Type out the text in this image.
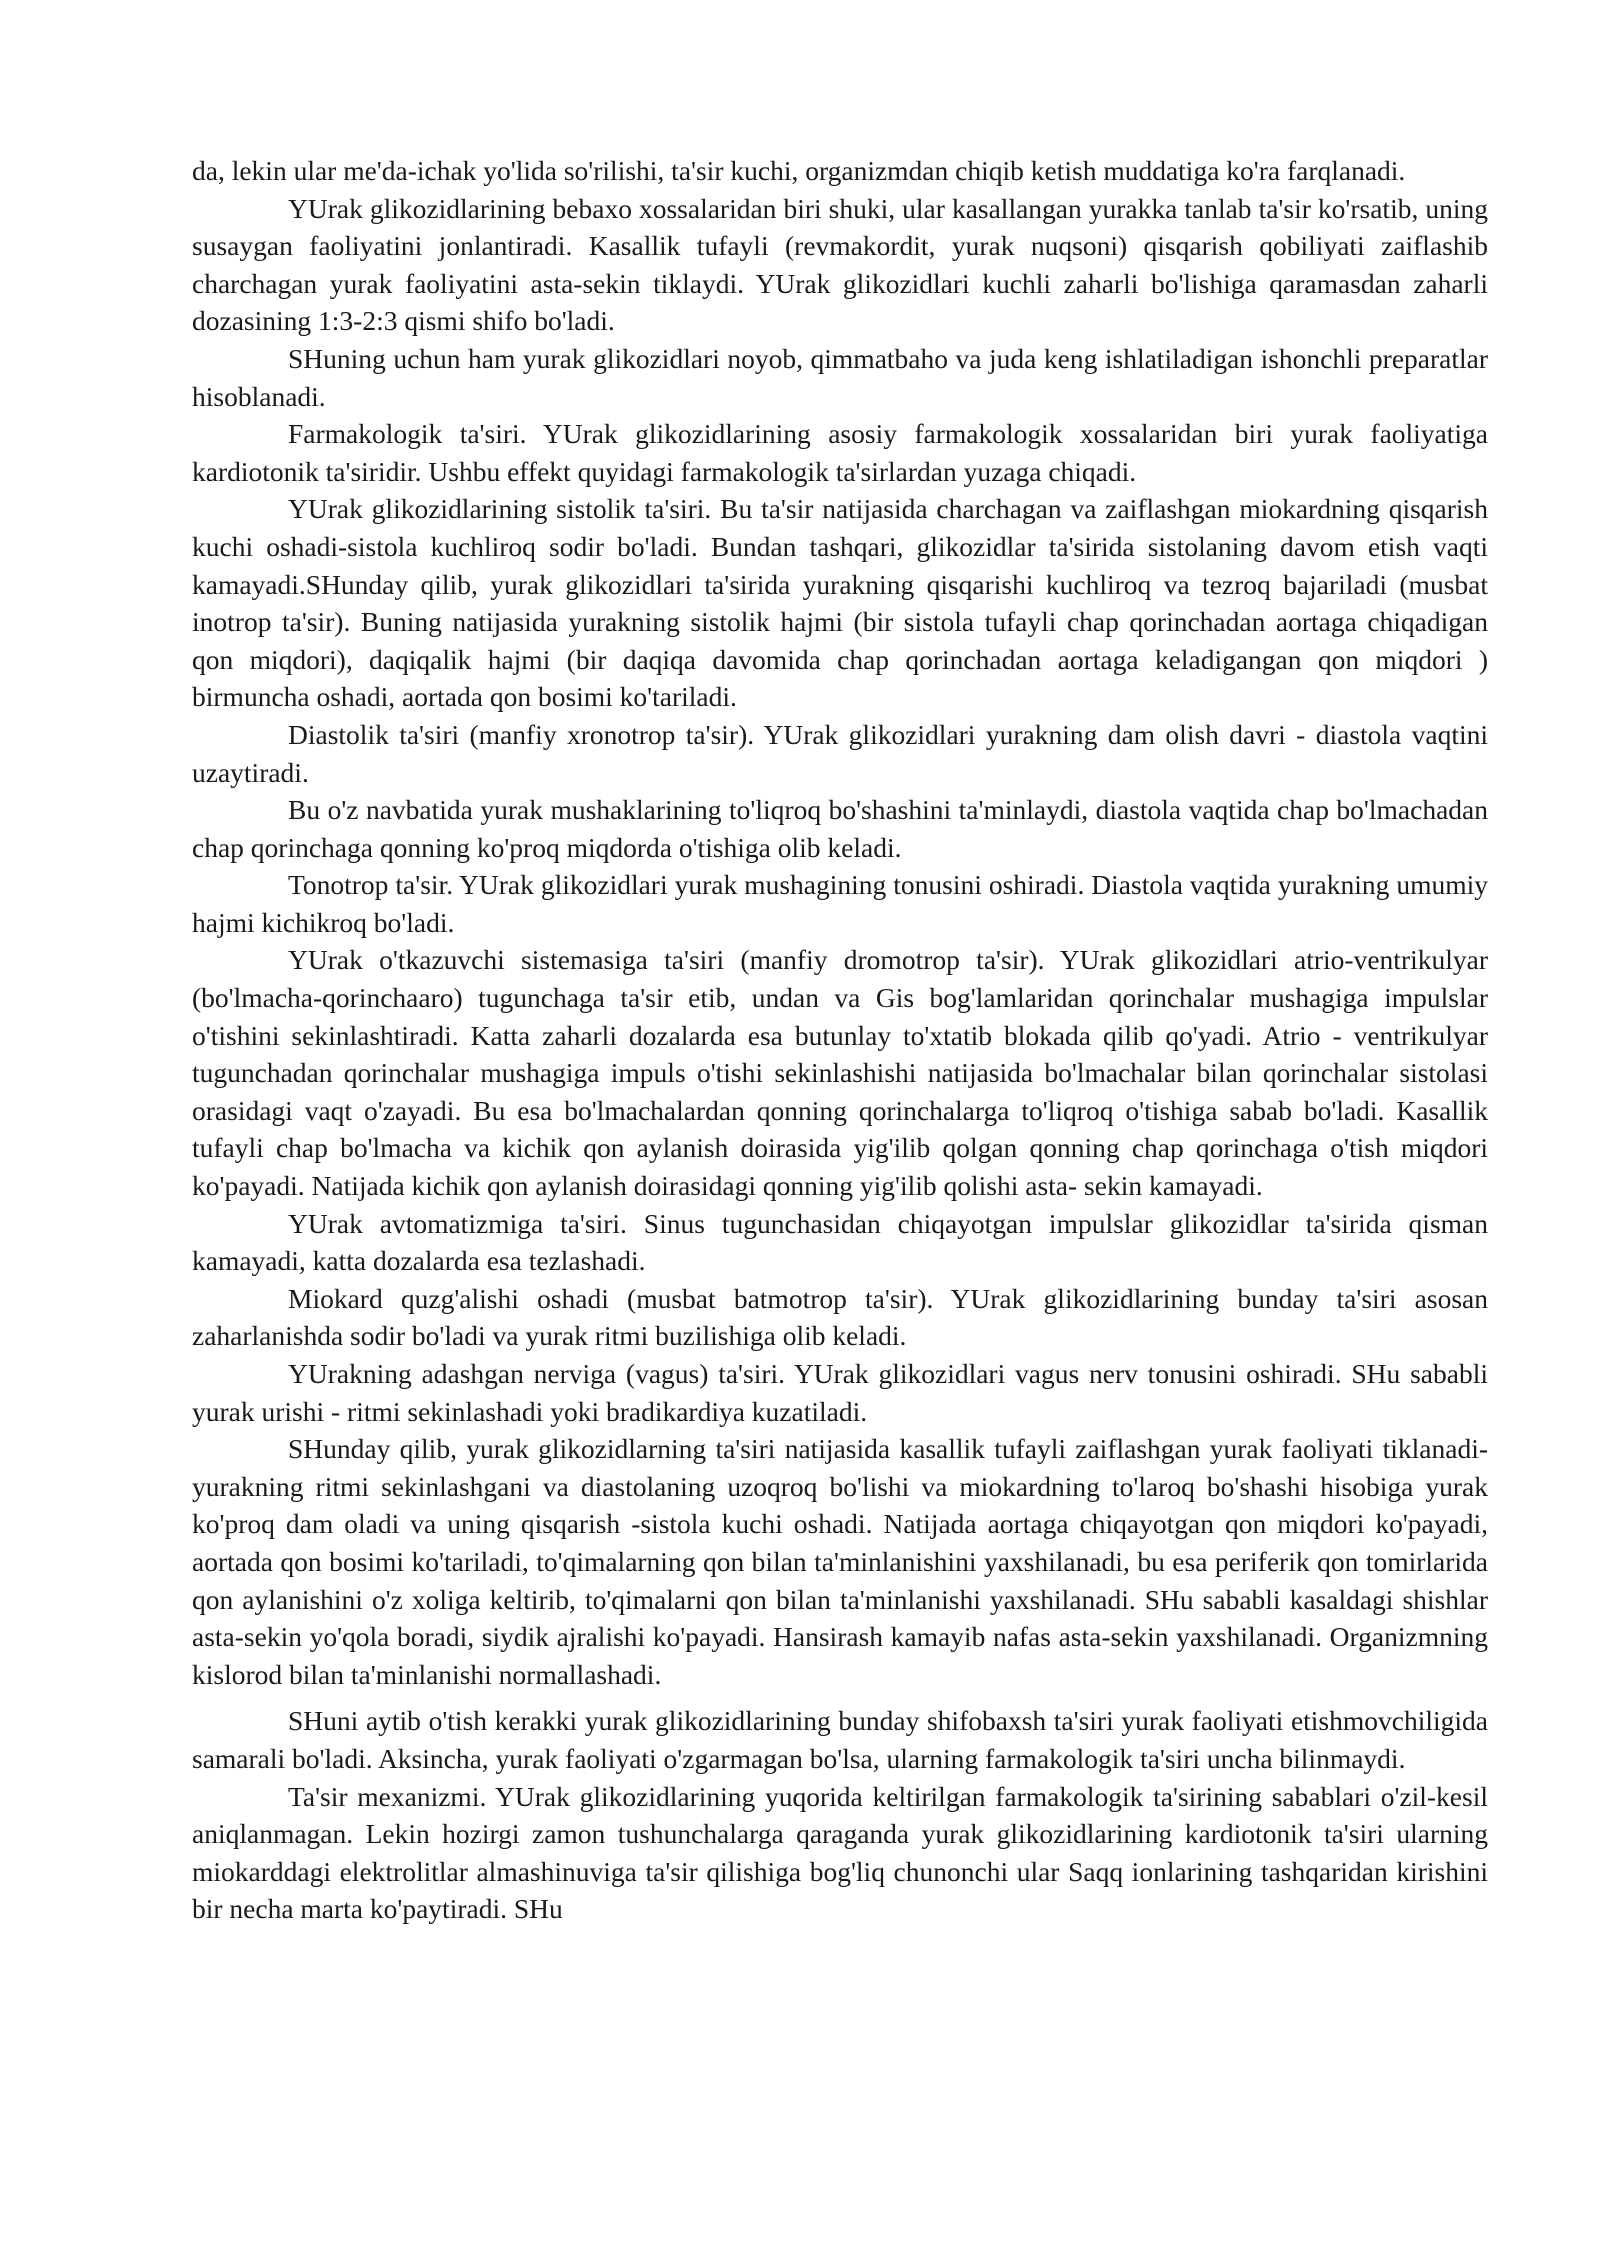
da, lekin ular me'da-ichak yo'lida so'rilishi, ta'sir kuchi, organizmdan chiqib ketish muddatiga ko'ra farqlanadi.

YUrak glikozidlarining bebaxo xossalaridan biri shuki, ular kasallangan yurakka tanlab ta'sir ko'rsatib, uning susaygan faoliyatini jonlantiradi. Kasallik tufayli (revmakordit, yurak nuqsoni) qisqarish qobiliyati zaiflashib charchagan yurak faoliyatini asta-sekin tiklaydi. YUrak glikozidlari kuchli zaharli bo'lishiga qaramasdan zaharli dozasining 1:3-2:3 qismi shifo bo'ladi.

SHuning uchun ham yurak glikozidlari noyob, qimmatbaho va juda keng ishlatiladigan ishonchli preparatlar hisoblanadi.

Farmakologik ta'siri. YUrak glikozidlarining asosiy farmakologik xossalaridan biri yurak faoliyatiga kardiotonik ta'siridir. Ushbu effekt quyidagi farmakologik ta'sirlardan yuzaga chiqadi.

YUrak glikozidlarining sistolik ta'siri. Bu ta'sir natijasida charchagan va zaiflashgan miokardning qisqarish kuchi oshadi-sistola kuchliroq sodir bo'ladi. Bundan tashqari, glikozidlar ta'sirida sistolaning davom etish vaqti kamayadi.SHunday qilib, yurak glikozidlari ta'sirida yurakning qisqarishi kuchliroq va tezroq bajariladi (musbat inotrop ta'sir). Buning natijasida yurakning sistolik hajmi (bir sistola tufayli chap qorinchadan aortaga chiqadigan qon miqdori), daqiqalik hajmi (bir daqiqa davomida chap qorinchadan aortaga keladigangan qon miqdori ) birmuncha oshadi, aortada qon bosimi ko'tariladi.

Diastolik ta'siri (manfiy xronotrop ta'sir). YUrak glikozidlari yurakning dam olish davri - diastola vaqtini uzaytiradi.

Bu o'z navbatida yurak mushaklarining to'liqroq bo'shashini ta'minlaydi, diastola vaqtida chap bo'lmachadan chap qorinchaga qonning ko'proq miqdorda o'tishiga olib keladi.

Tonotrop ta'sir. YUrak glikozidlari yurak mushagining tonusini oshiradi. Diastola vaqtida yurakning umumiy hajmi kichikroq bo'ladi.

YUrak o'tkazuvchi sistemasiga ta'siri (manfiy dromotrop ta'sir). YUrak glikozidlari atrio-ventrikulyar (bo'lmacha-qorinchaaro) tugunchaga ta'sir etib, undan va Gis bog'lamlaridan qorinchalar mushagiga impulslar o'tishini sekinlashtiradi. Katta zaharli dozalarda esa butunlay to'xtatib blokada qilib qo'yadi. Atrio - ventrikulyar tugunchadan qorinchalar mushagiga impuls o'tishi sekinlashishi natijasida bo'lmachalar bilan qorinchalar sistolasi orasidagi vaqt o'zayadi. Bu esa bo'lmachalardan qonning qorinchalarga to'liqroq o'tishiga sabab bo'ladi. Kasallik tufayli chap bo'lmacha va kichik qon aylanish doirasida yig'ilib qolgan qonning chap qorinchaga o'tish miqdori ko'payadi. Natijada kichik qon aylanish doirasidagi qonning yig'ilib qolishi asta- sekin kamayadi.

YUrak avtomatizmiga ta'siri. Sinus tugunchasidan chiqayotgan impulslar glikozidlar ta'sirida qisman kamayadi, katta dozalarda esa tezlashadi.

Miokard quzg'alishi oshadi (musbat batmotrop ta'sir). YUrak glikozidlarining bunday ta'siri asosan zaharlanishda sodir bo'ladi va yurak ritmi buzilishiga olib keladi.

YUrakning adashgan nerviga (vagus) ta'siri. YUrak glikozidlari vagus nerv tonusini oshiradi. SHu sababli yurak urishi - ritmi sekinlashadi yoki bradikardiya kuzatiladi.

SHunday qilib, yurak glikozidlarning ta'siri natijasida kasallik tufayli zaiflashgan yurak faoliyati tiklanadi- yurakning ritmi sekinlashgani va diastolaning uzoqroq bo'lishi va miokardning to'laroq bo'shashi hisobiga yurak ko'proq dam oladi va uning qisqarish -sistola kuchi oshadi. Natijada aortaga chiqayotgan qon miqdori ko'payadi, aortada qon bosimi ko'tariladi, to'qimalarning qon bilan ta'minlanishini yaxshilanadi, bu esa periferik qon tomirlarida qon aylanishini o'z xoliga keltirib, to'qimalarni qon bilan ta'minlanishi yaxshilanadi. SHu sababli kasaldagi shishlar asta-sekin yo'qola boradi, siydik ajralishi ko'payadi. Hansirash kamayib nafas asta-sekin yaxshilanadi. Organizmning kislorod bilan ta'minlanishi normallashadi.

SHuni aytib o'tish kerakki yurak glikozidlarining bunday shifobaxsh ta'siri yurak faoliyati etishmovchiligida samarali bo'ladi. Aksincha, yurak faoliyati o'zgarmagan bo'lsa, ularning farmakologik ta'siri uncha bilinmaydi.

Ta'sir mexanizmi. YUrak glikozidlarining yuqorida keltirilgan farmakologik ta'sirining sabablari o'zil-kesil aniqlanmagan. Lekin hozirgi zamon tushunchalarga qaraganda yurak glikozidlarining kardiotonik ta'siri ularning miokarddagi elektrolitlar almashinuviga ta'sir qilishiga bog'liq chunonchi ular Saqq ionlarining tashqaridan kirishini bir necha marta ko'paytiradi. SHu
